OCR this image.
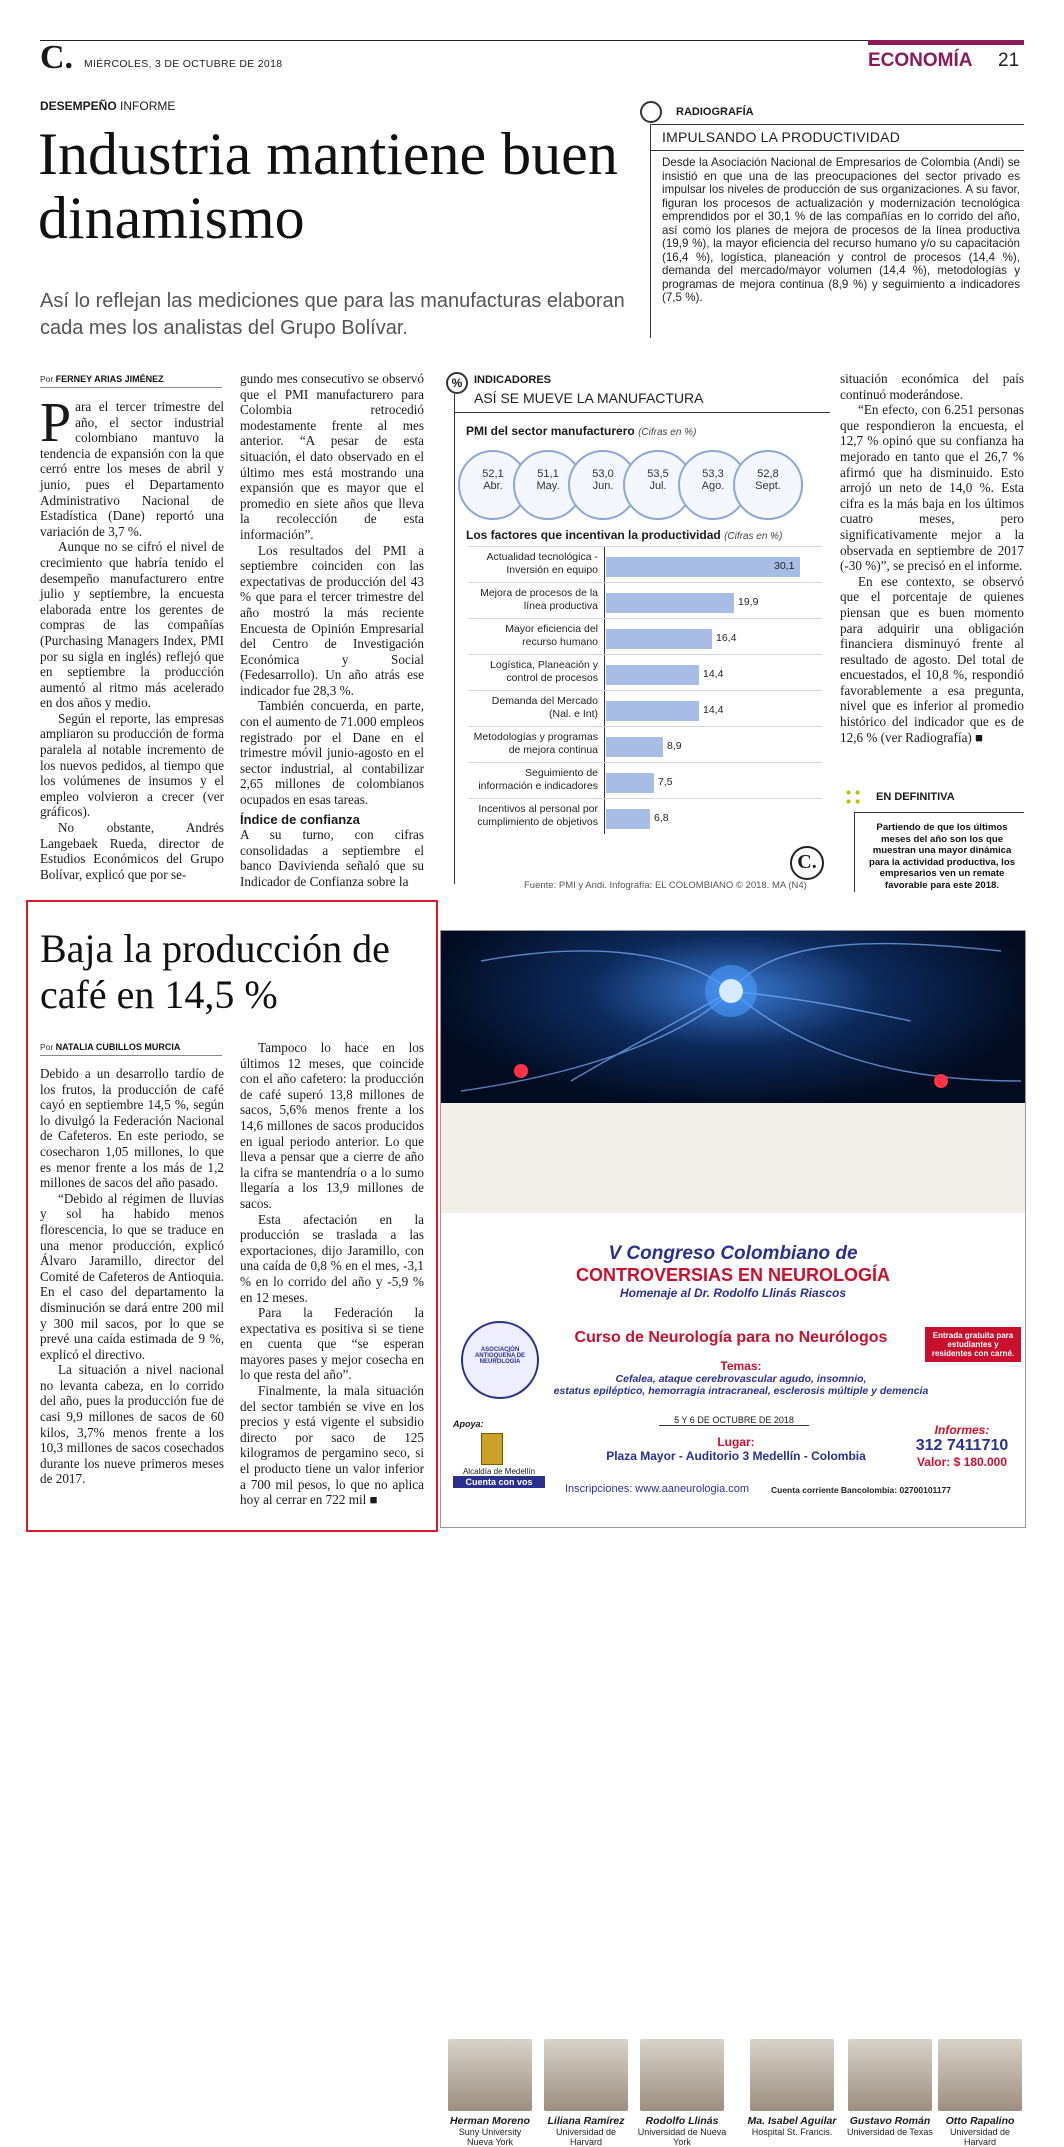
C. MIÉRCOLES, 3 DE OCTUBRE DE 2018	ECONOMÍA 21
DESEMPEÑO INFORME
Industria mantiene buen dinamismo
Así lo reflejan las mediciones que para las manufacturas elaboran cada mes los analistas del Grupo Bolívar.
RADIOGRAFÍA
IMPULSANDO LA PRODUCTIVIDAD
Desde la Asociación Nacional de Empresarios de Colombia (Andi) se insistió en que una de las preocupaciones del sector privado es impulsar los niveles de producción de sus organizaciones. A su favor, figuran los procesos de actualización y modernización tecnológica emprendidos por el 30,1 % de las compañías en lo corrido del año, así como los planes de mejora de procesos de la línea productiva (19,9 %), la mayor eficiencia del recurso humano y/o su capacitación (16,4 %), logística, planeación y control de procesos (14,4 %), demanda del mercado/mayor volumen (14,4 %), metodologías y programas de mejora continua (8,9 %) y seguimiento a indicadores (7,5 %).
Por FERNEY ARIAS JIMÉNEZ

Para el tercer trimestre del año, el sector industrial colombiano mantuvo la tendencia de expansión con la que cerró entre los meses de abril y junio, pues el Departamento Administrativo Nacional de Estadística (Dane) reportó una variación de 3,7 %.

Aunque no se cifró el nivel de crecimiento que habría tenido el desempeño manufacturero entre julio y septiembre, la encuesta elaborada entre los gerentes de compras de las compañías (Purchasing Managers Index, PMI por su sigla en inglés) reflejó que en septiembre la producción aumentó al ritmo más acelerado en dos años y medio.

Según el reporte, las empresas ampliaron su producción de forma paralela al notable incremento de los nuevos pedidos, al tiempo que los volúmenes de insumos y el empleo volvieron a crecer (ver gráficos).

No obstante, Andrés Langebaek Rueda, director de Estudios Económicos del Grupo Bolívar, explicó que por se-

gundo mes consecutivo se observó que el PMI manufacturero para Colombia retrocedió modestamente frente al mes anterior. “A pesar de esta situación, el dato observado en el último mes está mostrando una expansión que es mayor que el promedio en siete años que lleva la recolección de esta información”.

Los resultados del PMI a septiembre coinciden con las expectativas de producción del 43 % que para el tercer trimestre del año mostró la más reciente Encuesta de Opinión Empresarial del Centro de Investigación Económica y Social (Fedesarrollo). Un año atrás ese indicador fue 28,3 %.

También concuerda, en parte, con el aumento de 71.000 empleos registrado por el Dane en el trimestre móvil junio-agosto en el sector industrial, al contabilizar 2,65 millones de colombianos ocupados en esas tareas.

Índice de confianza

A su turno, con cifras consolidadas a septiembre el banco Davivienda señaló que su Indicador de Confianza sobre la

situación económica del país continuó moderándose.

“En efecto, con 6.251 personas que respondieron la encuesta, el 12,7 % opinó que su confianza ha mejorado en tanto que el 26,7 % afirmó que ha disminuido. Esto arrojó un neto de 14,0 %. Esta cifra es la más baja en los últimos cuatro meses, pero significativamente mejor a la observada en septiembre de 2017 (-30 %)”, se precisó en el informe.

En ese contexto, se observó que el porcentaje de quienes piensan que es buen momento para adquirir una obligación financiera disminuyó frente al resultado de agosto. Del total de encuestados, el 10,8 %, respondió favorablemente a esa pregunta, nivel que es inferior al promedio histórico del indicador que es de 12,6 % (ver Radiografía) ■

%	INDICADORES
ASÍ SE MUEVE LA MANUFACTURA
PMI del sector manufacturero (Cifras en %)
52,1
Abr.
51,1
May.
53,0
Jun.
53,5
Jul.
53,3
Ago.
52,8
Sept.
Los factores que incentivan la productividad (Cifras en %)
Actualidad tecnológica - Inversión en equipo	30,1
Mejora de procesos de la línea productiva	19,9
Mayor eficiencia del recurso humano	16,4
Logística, Planeación y control de procesos	14,4
Demanda del Mercado (Nal. e Int)	14,4
Metodologías y programas de mejora continua	8,9
Seguimiento de información e indicadores	7,5
Incentivos al personal por cumplimiento de objetivos	6,8
C.
Fuente: PMI y Andi. Infografía: EL COLOMBIANO © 2018. MA (N4)
EN DEFINITIVA
Partiendo de que los últimos meses del año son los que muestran una mayor dinámica para la actividad productiva, los empresarios ven un remate favorable para este 2018.
Baja la producción de café en 14,5 %
Por NATALIA CUBILLOS MURCIA

Debido a un desarrollo tardío de los frutos, la producción de café cayó en septiembre 14,5 %, según lo divulgó la Federación Nacional de Cafeteros. En este periodo, se cosecharon 1,05 millones, lo que es menor frente a los más de 1,2 millones de sacos del año pasado.

“Debido al régimen de lluvias y sol ha habido menos florescencia, lo que se traduce en una menor producción, explicó Álvaro Jaramillo, director del Comité de Cafeteros de Antioquia. En el caso del departamento la disminución se dará entre 200 mil y 300 mil sacos, por lo que se prevé una caída estimada de 9 %, explicó el directivo.

La situación a nivel nacional no levanta cabeza, en lo corrido del año, pues la producción fue de casi 9,9 millones de sacos de 60 kilos, 3,7% menos frente a los 10,3 millones de sacos cosechados durante los nueve primeros meses de 2017.

Tampoco lo hace en los últimos 12 meses, que coincide con el año cafetero: la producción de café superó 13,8 millones de sacos, 5,6% menos frente a los 14,6 millones de sacos producidos en igual periodo anterior. Lo que lleva a pensar que a cierre de año la cifra se mantendría o a lo sumo llegaría a los 13,9 millones de sacos.

Esta afectación en la producción se traslada a las exportaciones, dijo Jaramillo, con una caída de 0,8 % en el mes, -3,1 % en lo corrido del año y -5,9 % en 12 meses.

Para la Federación la expectativa es positiva si se tiene en cuenta que “se esperan mayores pases y mejor cosecha en lo que resta del año”.

Finalmente, la mala situación del sector también se vive en los precios y está vigente el subsidio directo por saco de 125 kilogramos de pergamino seco, si el producto tiene un valor inferior a 700 mil pesos, lo que no aplica hoy al cerrar en 722 mil ■

Herman Moreno
Suny University Nueva York
Liliana Ramírez
Universidad de Harvard
Rodolfo Llinás
Universidad de Nueva York
Ma. Isabel Aguilar
Hospital St. Francis.
Gustavo Román
Universidad de Texas
Otto Rapalino
Universidad de Harvard
V Congreso Colombiano de
CONTROVERSIAS EN NEUROLOGÍA
Homenaje al Dr. Rodolfo Llinás Riascos
ASOCIACIÓN ANTIOQUEÑA DE NEUROLOGÍA
Curso de Neurología para no Neurólogos	Entrada gratuita para estudiantes y residentes con carné.
Temas:
Cefalea, ataque cerebrovascular agudo, insomnio,
estatus epiléptico, hemorragia intracraneal, esclerosis múltiple y demencia
5 Y 6 DE OCTUBRE DE 2018
Apoya:
Alcaldía de Medellín
Cuenta con vos
Lugar:
Plaza Mayor - Auditorio 3 Medellín - Colombia
Informes:
312 7411710
Valor: $ 180.000
Inscripciones: www.aaneurologia.com	Cuenta corriente Bancolombia: 02700101177
